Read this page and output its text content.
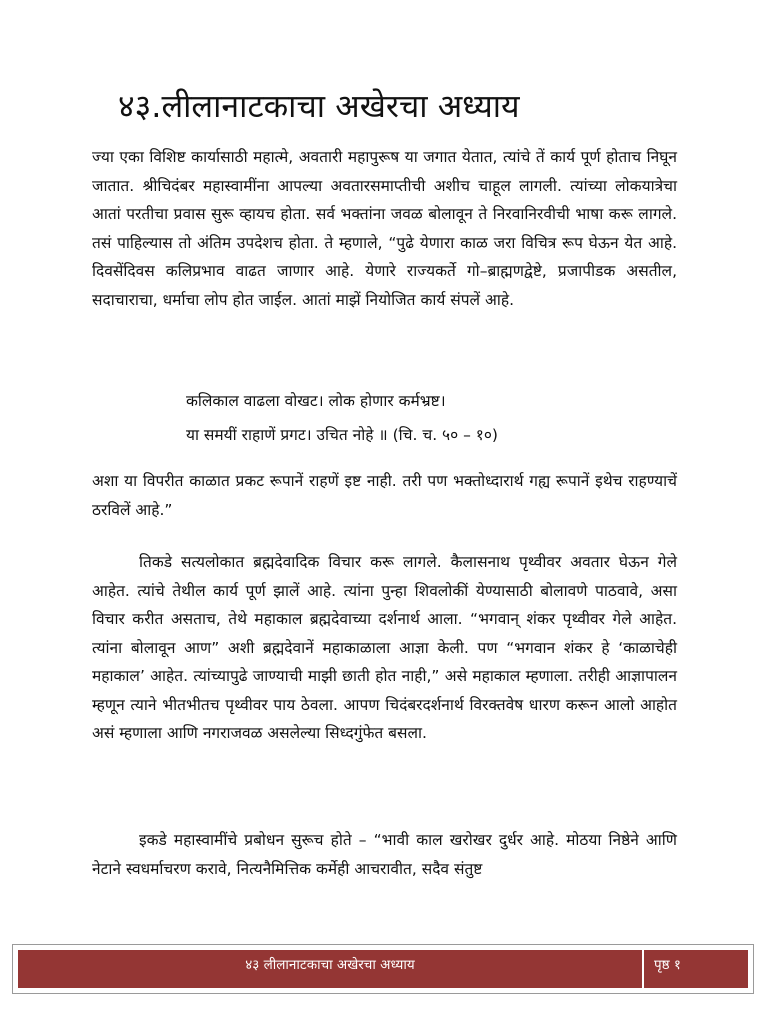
४३.लीलानाटकाचा अखेरचा अध्याय

ज्या एका विशिष्ट कार्यासाठी महात्मे, अवतारी महापुरूष या जगात येतात, त्यांचे तें कार्य पूर्ण होताच निघून जातात. श्रीचिदंबर महास्वामींना आपल्या अवतारसमाप्तीची अशीच चाहूल लागली. त्यांच्या लोकयात्रेचा आतां परतीचा प्रवास सुरू व्हायच होता. सर्व भक्तांना जवळ बोलावून ते निरवानिरवीची भाषा करू लागले. तसं पाहिल्यास तो अंतिम उपदेशच होता. ते म्हणाले, “पुढे येणारा काळ जरा विचित्र रूप घेऊन येत आहे. दिवसेंदिवस कलिप्रभाव वाढत जाणार आहे. येणारे राज्यकर्ते गो–ब्राह्मणद्वेष्टे, प्रजापीडक असतील, सदाचाराचा, धर्माचा लोप होत जाईल. आतां माझें नियोजित कार्य संपलें आहे.

कलिकाल वाढला वोखट। लोक होणार कर्मभ्रष्ट।
या समयीं राहाणें प्रगट। उचित नोहे ॥ (चि. च. ५० – १०)

अशा या विपरीत काळात प्रकट रूपानें राहणें इष्ट नाही. तरी पण भक्तोध्दारार्थ गह्य रूपानें इथेच राहण्याचें ठरविलें आहे.”

तिकडे सत्यलोकात ब्रह्मदेवादिक विचार करू लागले. कैलासनाथ पृथ्वीवर अवतार घेऊन गेले आहेत. त्यांचे तेथील कार्य पूर्ण झालें आहे. त्यांना पुन्हा शिवलोकीं येण्यासाठी बोलावणे पाठवावे, असा विचार करीत असताच, तेथे महाकाल ब्रह्मदेवाच्या दर्शनार्थ आला. “भगवान् शंकर पृथ्वीवर गेले आहेत. त्यांना बोलावून आण” अशी ब्रह्मदेवानें महाकाळाला आज्ञा केली. पण “भगवान शंकर हे ‘काळाचेही महाकाल’ आहेत. त्यांच्यापुढे जाण्याची माझी छाती होत नाही,” असे महाकाल म्हणाला. तरीही आज्ञापालन म्हणून त्याने भीतभीतच पृथ्वीवर पाय ठेवला. आपण चिदंबरदर्शनार्थ विरक्तवेष धारण करून आलो आहोत असं म्हणाला आणि नगराजवळ असलेल्या सिध्दगुंफेत बसला.

इकडे महास्वामींचे प्रबोधन सुरूच होते – “भावी काल खरोखर दुर्धर आहे. मोठया निष्ठेने आणि नेटाने स्वधर्माचरण करावे, नित्यनैमित्तिक कर्मेही आचरावीत, सदैव संतुष्ट

४३ लीलानाटकाचा अखेरचा अध्याय	पृष्ठ १
